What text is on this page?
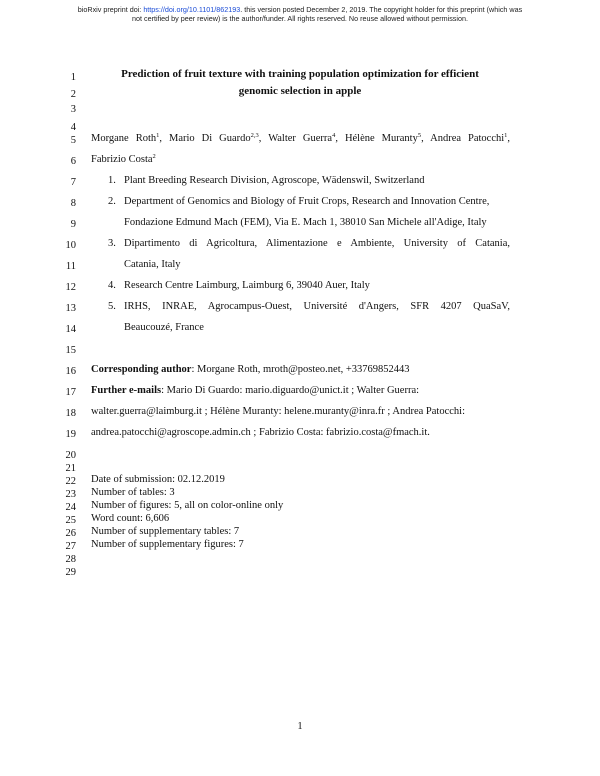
bioRxiv preprint doi: https://doi.org/10.1101/862193. this version posted December 2, 2019. The copyright holder for this preprint (which was
not certified by peer review) is the author/funder. All rights reserved. No reuse allowed without permission.
1
2
3
4
5
6
7
8
9
10
11
12
13
14
15
16
17
18
19
20
21
22
23
24
25
26
27
28
29
Prediction of fruit texture with training population optimization for efficient
genomic selection in apple
Morgane Roth$^1$, Mario Di Guardo$^{2,3}$, Walter Guerra$^4$, Hélène Muranty$^5$, Andrea Patocchi$^1$,
Fabrizio Costa$^2$
1. Plant Breeding Research Division, Agroscope, Wädenswil, Switzerland
2. Department of Genomics and Biology of Fruit Crops, Research and Innovation Centre,
Fondazione Edmund Mach (FEM), Via E. Mach 1, 38010 San Michele all'Adige, Italy
3. Dipartimento di Agricoltura, Alimentazione e Ambiente, University of Catania,
Catania, Italy
4. Research Centre Laimburg, Laimburg 6, 39040 Auer, Italy
5. IRHS, INRAE, Agrocampus-Ouest, Université d'Angers, SFR 4207 QuaSaV,
Beaucouzé, France
Corresponding author: Morgane Roth, mroth@posteo.net, +33769852443
Further e-mails: Mario Di Guardo: mario.diguardo@unict.it ; Walter Guerra:
walter.guerra@laimburg.it ; Hélène Muranty: helene.muranty@inra.fr ; Andrea Patocchi:
andrea.patocchi@agroscope.admin.ch ; Fabrizio Costa: fabrizio.costa@fmach.it.
Date of submission: 02.12.2019
Number of tables: 3
Number of figures: 5, all on color-online only
Word count: 6,606
Number of supplementary tables: 7
Number of supplementary figures: 7
1
